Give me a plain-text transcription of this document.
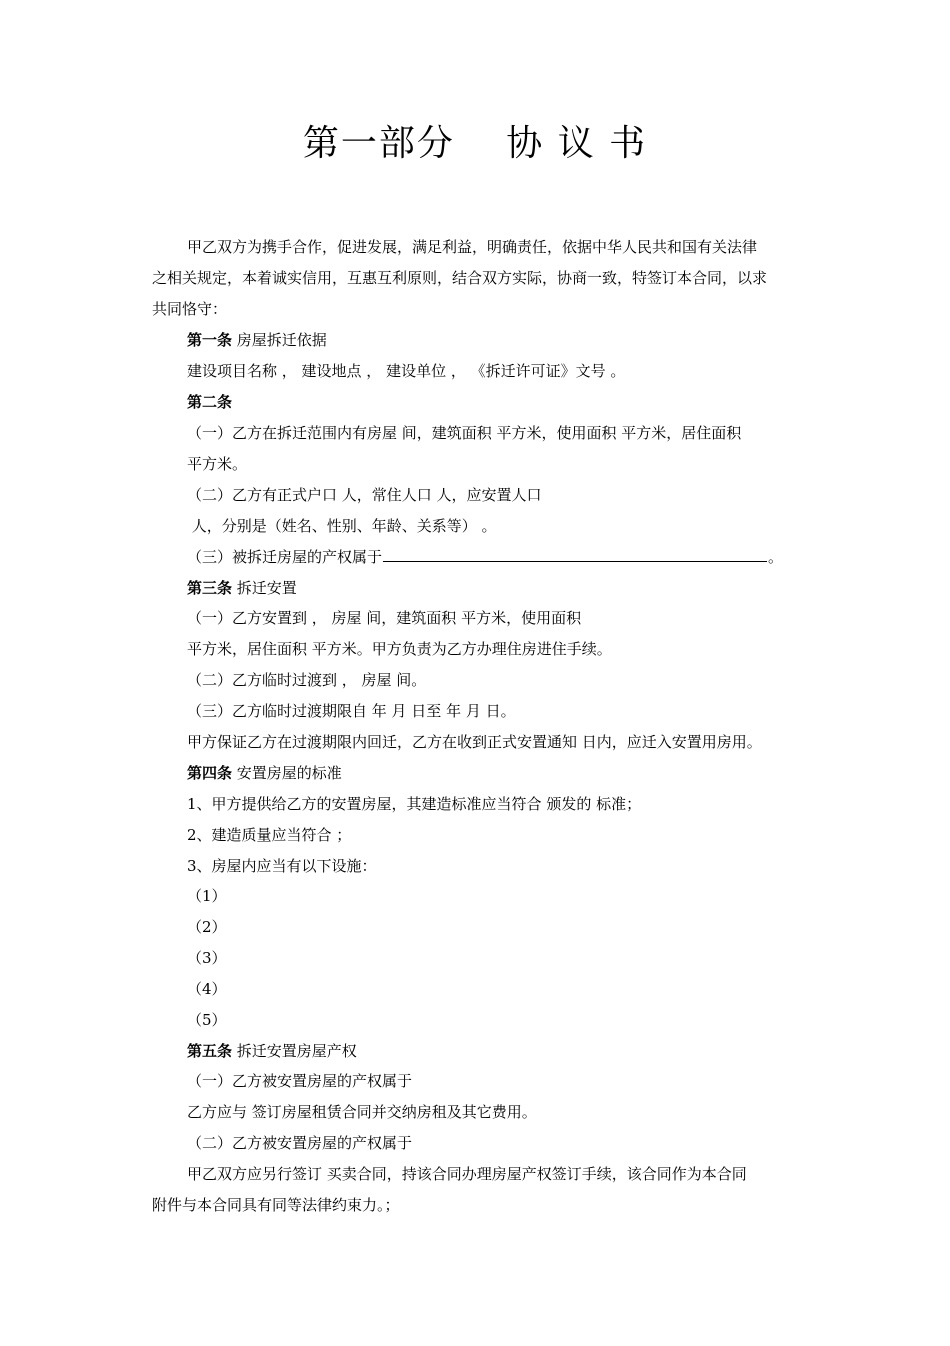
第一部分　 协 议 书
甲乙双方为携手合作，促进发展，满足利益，明确责任，依据中华人民共和国有关法律
之相关规定，本着诚实信用，互惠互利原则，结合双方实际，协商一致，特签订本合同，以求
共同恪守：
第一条 房屋拆迁依据
建设项目名称 ， 建设地点 ， 建设单位 ， 《拆迁许可证》文号 。
第二条
（一）乙方在拆迁范围内有房屋 间，建筑面积 平方米，使用面积 平方米，居住面积
平方米。
（二）乙方有正式户口 人，常住人口 人，应安置人口
人，分别是（姓名、性别、年龄、关系等） 。
（三）被拆迁房屋的产权属于	。
第三条 拆迁安置
（一）乙方安置到 ， 房屋 间，建筑面积 平方米，使用面积
平方米，居住面积 平方米。甲方负责为乙方办理住房进住手续。
（二）乙方临时过渡到 ， 房屋 间。
（三）乙方临时过渡期限自 年 月 日至 年 月 日。
甲方保证乙方在过渡期限内回迁，乙方在收到正式安置通知 日内，应迁入安置用房用。
第四条 安置房屋的标准
1、甲方提供给乙方的安置房屋，其建造标准应当符合 颁发的 标准；
2、建造质量应当符合 ；
3、房屋内应当有以下设施：
（1）
（2）
（3）
（4）
（5）
第五条 拆迁安置房屋产权
（一）乙方被安置房屋的产权属于
乙方应与 签订房屋租赁合同并交纳房租及其它费用。
（二）乙方被安置房屋的产权属于
甲乙双方应另行签订 买卖合同，持该合同办理房屋产权签订手续，该合同作为本合同
附件与本合同具有同等法律约束力。；
